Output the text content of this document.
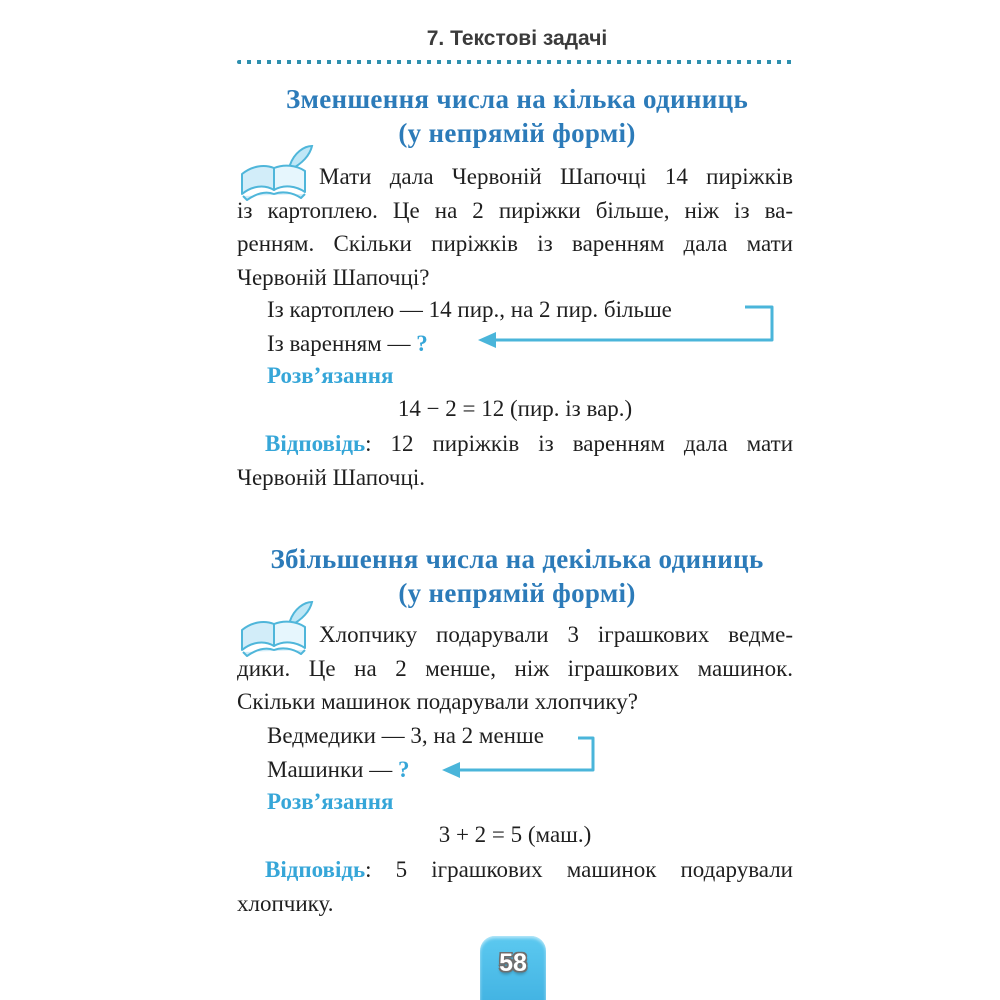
7. Текстові задачі
Зменшення числа на кілька одиниць
(у непрямій формі)
Мати дала Червоній Шапочці 14 пиріжків
із картоплею. Це на 2 пиріжки більше, ніж із ва-
ренням. Скільки пиріжків із варенням дала мати
Червоній Шапочці?
Із картоплею — 14 пир., на 2 пир. більше
Із варенням — ?
Розв’язання
14 − 2 = 12 (пир. із вар.)
Відповідь: 12 пиріжків із варенням дала мати
Червоній Шапочці.
Збільшення числа на декілька одиниць
(у непрямій формі)
Хлопчику подарували 3 іграшкових ведме-
дики. Це на 2 менше, ніж іграшкових машинок.
Скільки машинок подарували хлопчику?
Ведмедики — 3, на 2 менше
Машинки — ?
Розв’язання
3 + 2 = 5 (маш.)
Відповідь: 5 іграшкових машинок подарували
хлопчику.
58
